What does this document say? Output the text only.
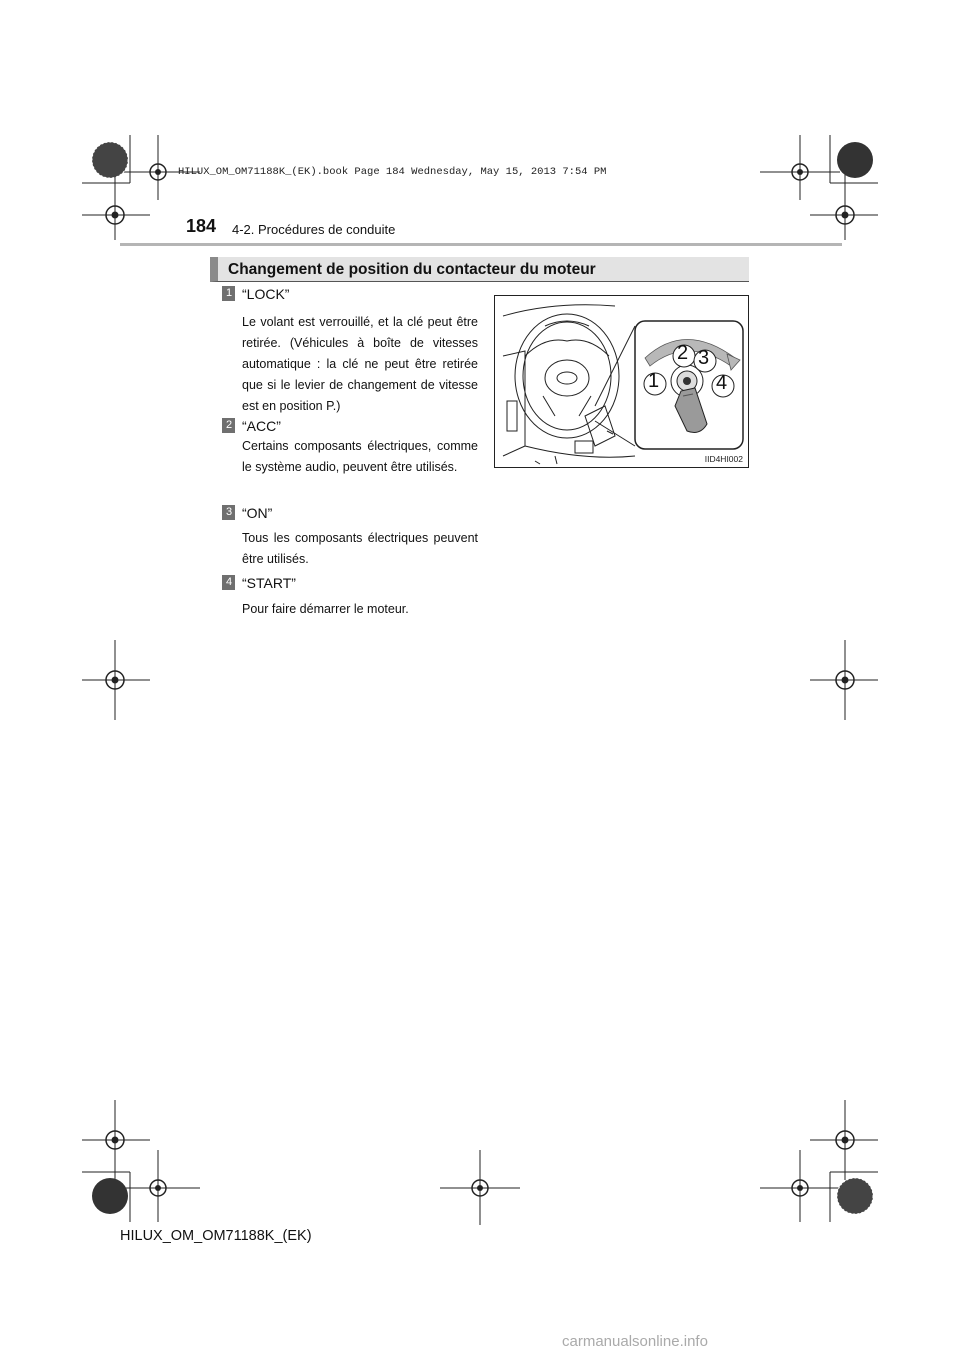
HILUX_OM_OM71188K_(EK).book Page 184 Wednesday, May 15, 2013 7:54 PM
184 4-2. Procédures de conduite
Changement de position du contacteur du moteur
1 “LOCK”
Le volant est verrouillé, et la clé peut être retirée. (Véhicules à boîte de vitesses automatique : la clé ne peut être retirée que si le levier de changement de vitesse est en position P.)
2 “ACC”
Certains composants électriques, comme le système audio, peuvent être utilisés.
3 “ON”
Tous les composants électriques peuvent être utilisés.
4 “START”
Pour faire démarrer le moteur.
1
2 3
4
IID4HI002
HILUX_OM_OM71188K_(EK)
carmanualsonline.info
